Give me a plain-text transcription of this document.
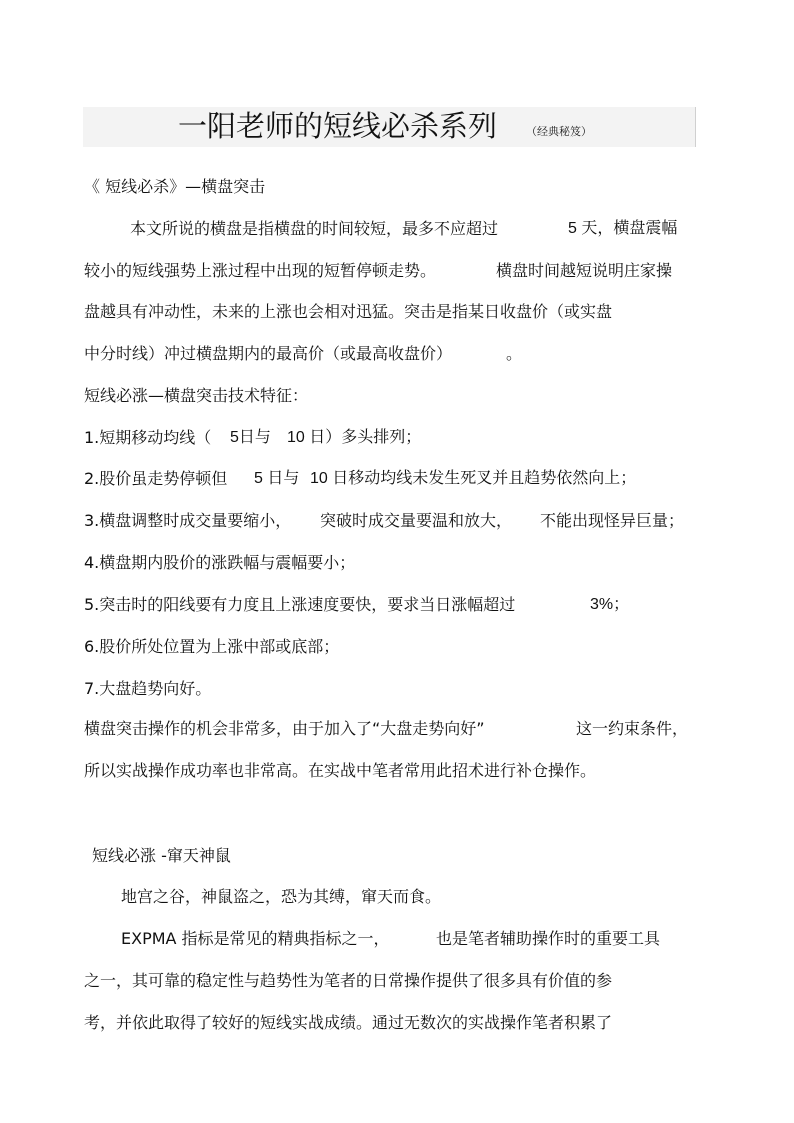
一阳老师的短线必杀系列	（经典秘笈）
《 短线必杀》—横盘突击
本文所说的横盘是指横盘的时间较短，最多不应超过	5 天，横盘震幅
较小的短线强势上涨过程中出现的短暂停顿走势。	横盘时间越短说明庄家操
盘越具有冲动性，未来的上涨也会相对迅猛。突击是指某日收盘价（或实盘
中分时线）冲过横盘期内的最高价（或最高收盘价）	。
短线必涨—横盘突击技术特征：
1.短期移动均线（ 5日与 10 日）多头排列；
2.股价虽走势停顿但 5 日与 10 日移动均线未发生死叉并且趋势依然向上；
3.横盘调整时成交量要缩小， 突破时成交量要温和放大， 不能出现怪异巨量；
4.横盘期内股价的涨跌幅与震幅要小；
5.突击时的阳线要有力度且上涨速度要快，要求当日涨幅超过	3%；
6.股价所处位置为上涨中部或底部；
7.大盘趋势向好。
横盘突击操作的机会非常多，由于加入了“大盘走势向好”	这一约束条件，
所以实战操作成功率也非常高。在实战中笔者常用此招术进行补仓操作。
短线必涨 -窜天神鼠
地宫之谷，神鼠盗之，恐为其缚，窜天而食。
EXPMA 指标是常见的精典指标之一，	也是笔者辅助操作时的重要工具
之一，其可靠的稳定性与趋势性为笔者的日常操作提供了很多具有价值的参
考，并依此取得了较好的短线实战成绩。通过无数次的实战操作笔者积累了
